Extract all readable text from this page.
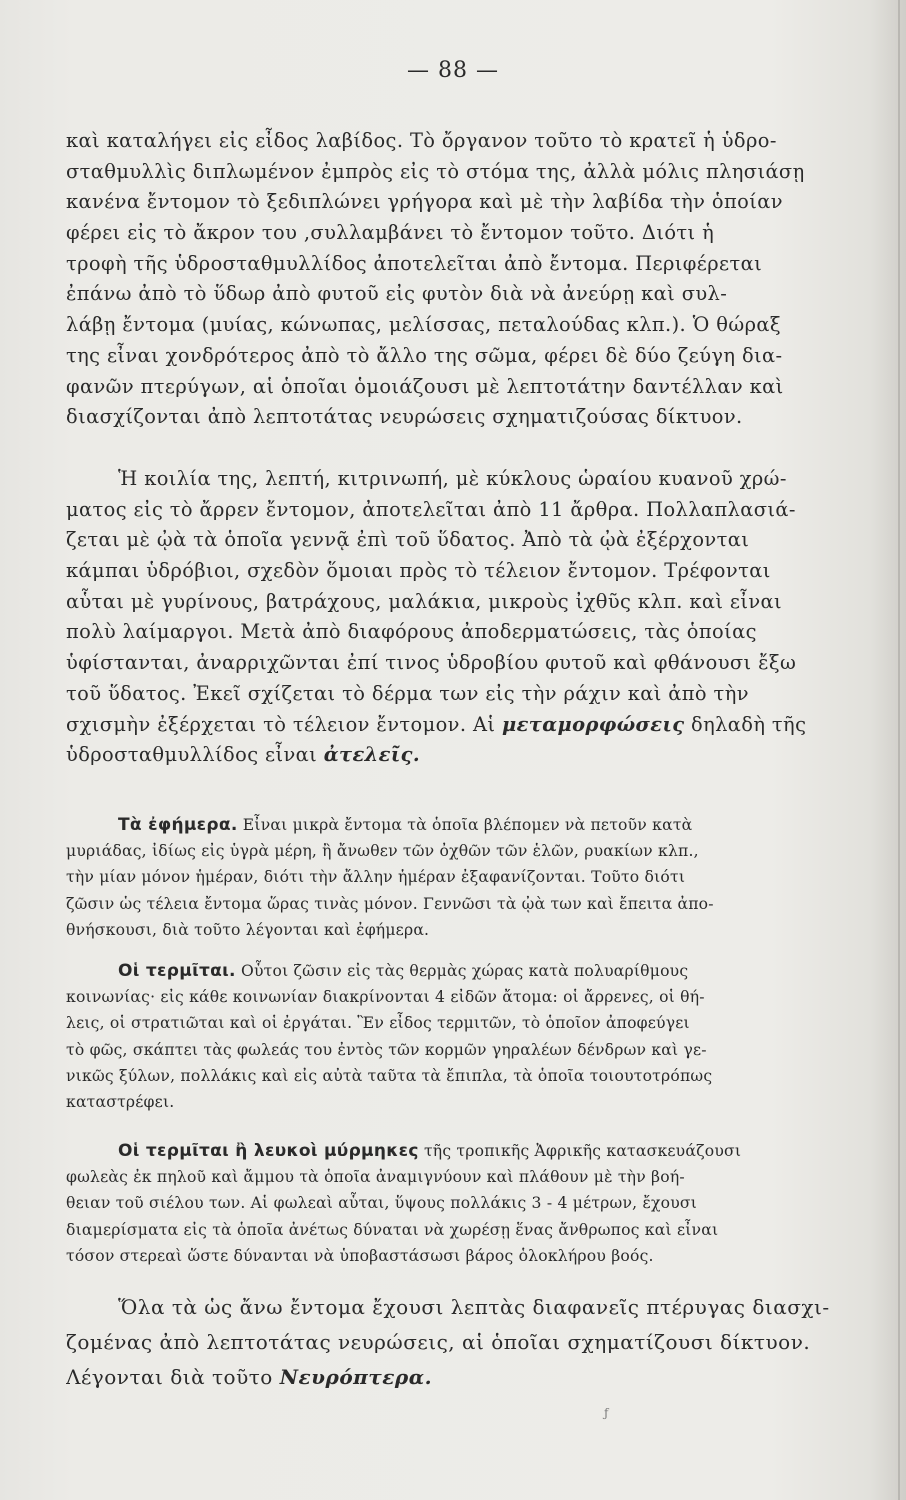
— 88 —
καὶ καταλήγει εἰς εἶδος λαβίδος. Τὸ ὄργανον τοῦτο τὸ κρατεῖ ἡ ὑδρο-
σταθμυλλὶς διπλωμένον ἐμπρὸς εἰς τὸ στόμα της, ἀλλὰ μόλις πλησιάσῃ
κανένα ἔντομον τὸ ξεδιπλώνει γρήγορα καὶ μὲ τὴν λαβίδα τὴν ὁποίαν
φέρει εἰς τὸ ἄκρον του ,συλλαμβάνει τὸ ἔντομον τοῦτο. Διότι ἡ
τροφὴ τῆς ὑδροσταθμυλλίδος ἀποτελεῖται ἀπὸ ἔντομα. Περιφέρεται
ἐπάνω ἀπὸ τὸ ὕδωρ ἀπὸ φυτοῦ εἰς φυτὸν διὰ νὰ ἀνεύρῃ καὶ συλ-
λάβῃ ἔντομα (μυίας, κώνωπας, μελίσσας, πεταλούδας κλπ.). Ὁ θώραξ
της εἶναι χονδρότερος ἀπὸ τὸ ἄλλο της σῶμα, φέρει δὲ δύο ζεύγη δια-
φανῶν πτερύγων, αἱ ὁποῖαι ὁμοιάζουσι μὲ λεπτοτάτην δαντέλλαν καὶ
διασχίζονται ἀπὸ λεπτοτάτας νευρώσεις σχηματιζούσας δίκτυον.
Ἡ κοιλία της, λεπτή, κιτρινωπή, μὲ κύκλους ὡραίου κυανοῦ χρώ-
ματος εἰς τὸ ἄρρεν ἔντομον, ἀποτελεῖται ἀπὸ 11 ἄρθρα. Πολλαπλασιά-
ζεται μὲ ᾠὰ τὰ ὁποῖα γεννᾷ ἐπὶ τοῦ ὕδατος. Ἀπὸ τὰ ᾠὰ ἐξέρχονται
κάμπαι ὑδρόβιοι, σχεδὸν ὅμοιαι πρὸς τὸ τέλειον ἔντομον. Τρέφονται
αὗται μὲ γυρίνους, βατράχους, μαλάκια, μικροὺς ἰχθῦς κλπ. καὶ εἶναι
πολὺ λαίμαργοι. Μετὰ ἀπὸ διαφόρους ἀποδερματώσεις, τὰς ὁποίας
ὑφίστανται, ἀναρριχῶνται ἐπί τινος ὑδροβίου φυτοῦ καὶ φθάνουσι ἔξω
τοῦ ὕδατος. Ἐκεῖ σχίζεται τὸ δέρμα των εἰς τὴν ράχιν καὶ ἀπὸ τὴν
σχισμὴν ἐξέρχεται τὸ τέλειον ἔντομον. Αἱ μεταμορφώσεις δηλαδὴ τῆς
ὑδροσταθμυλλίδος εἶναι ἀτελεῖς.
Τὰ ἐφήμερα. Εἶναι μικρὰ ἔντομα τὰ ὁποῖα βλέπομεν νὰ πετοῦν κατὰ
μυριάδας, ἰδίως εἰς ὑγρὰ μέρη, ἢ ἄνωθεν τῶν ὀχθῶν τῶν ἑλῶν, ρυακίων κλπ.,
τὴν μίαν μόνον ἡμέραν, διότι τὴν ἄλλην ἡμέραν ἐξαφανίζονται. Τοῦτο διότι
ζῶσιν ὡς τέλεια ἔντομα ὥρας τινὰς μόνον. Γεννῶσι τὰ ᾠὰ των καὶ ἔπειτα ἀπο-
θνήσκουσι, διὰ τοῦτο λέγονται καὶ ἐφήμερα.
Οἱ τερμῖται. Οὗτοι ζῶσιν εἰς τὰς θερμὰς χώρας κατὰ πολυαρίθμους
κοινωνίας· εἰς κάθε κοινωνίαν διακρίνονται 4 εἰδῶν ἄτομα: οἱ ἄρρενες, οἱ θή-
λεις, οἱ στρατιῶται καὶ οἱ ἐργάται. Ἓν εἶδος τερμιτῶν, τὸ ὁποῖον ἀποφεύγει
τὸ φῶς, σκάπτει τὰς φωλεάς του ἐντὸς τῶν κορμῶν γηραλέων δένδρων καὶ γε-
νικῶς ξύλων, πολλάκις καὶ εἰς αὐτὰ ταῦτα τὰ ἔπιπλα, τὰ ὁποῖα τοιουτοτρόπως
καταστρέφει.
Οἱ τερμῖται ἢ λευκοὶ μύρμηκες τῆς τροπικῆς Ἀφρικῆς κατασκευάζουσι
φωλεὰς ἐκ πηλοῦ καὶ ἄμμου τὰ ὁποῖα ἀναμιγνύουν καὶ πλάθουν μὲ τὴν βοή-
θειαν τοῦ σιέλου των. Αἱ φωλεαὶ αὗται, ὕψους πολλάκις 3 - 4 μέτρων, ἔχουσι
διαμερίσματα εἰς τὰ ὁποῖα ἀνέτως δύναται νὰ χωρέσῃ ἕνας ἄνθρωπος καὶ εἶναι
τόσον στερεαὶ ὥστε δύνανται νὰ ὑποβαστάσωσι βάρος ὁλοκλήρου βοός.
Ὅλα τὰ ὡς ἄνω ἔντομα ἔχουσι λεπτὰς διαφανεῖς πτέρυγας διασχι-
ζομένας ἀπὸ λεπτοτάτας νευρώσεις, αἱ ὁποῖαι σχηματίζουσι δίκτυον.
Λέγονται διὰ τοῦτο Νευρόπτερα.
ƒ
